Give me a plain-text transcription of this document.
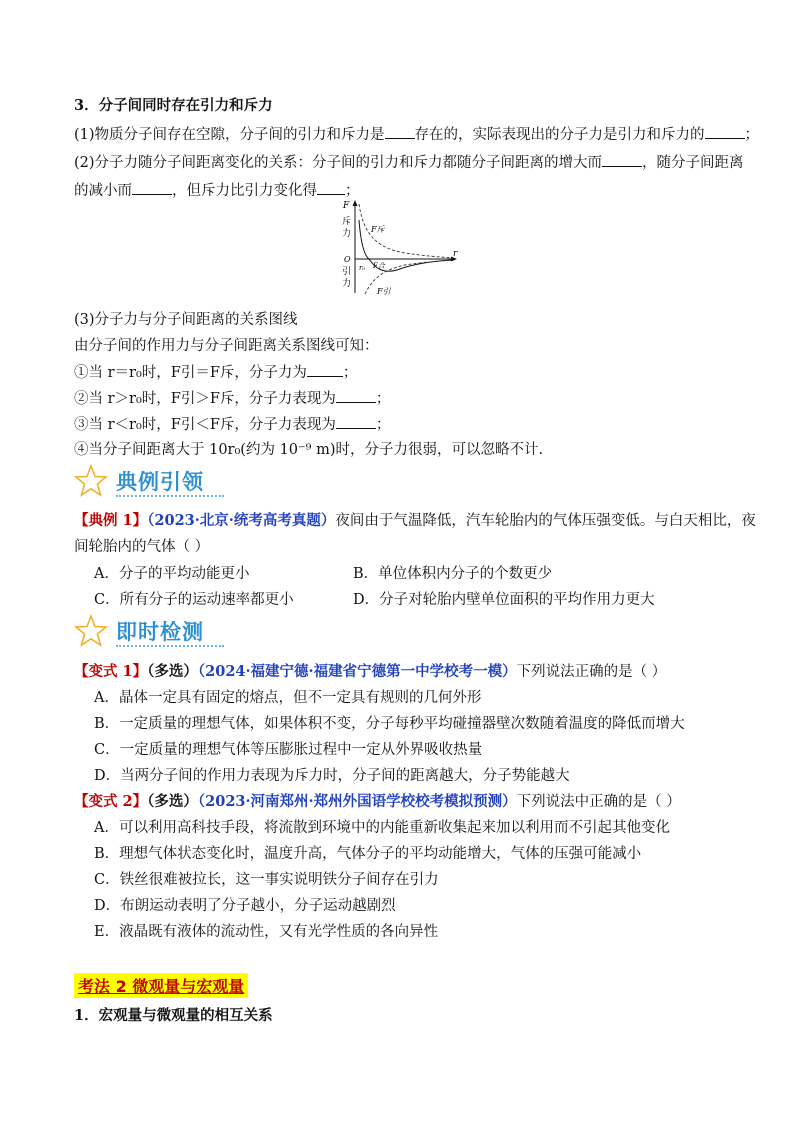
3．分子间同时存在引力和斥力
(1)物质分子间存在空隙，分子间的引力和斥力是 存在的，实际表现出的分子力是引力和斥力的	；
(2)分子力随分子间距离变化的关系：分子间的引力和斥力都随分子间距离的增大而	，随分子间距离
的减小而	，但斥力比引力变化得 ；
F
斥
力 F斥
r
O
r₀ F合
引
力
F引
(3)分子力与分子间距离的关系图线
由分子间的作用力与分子间距离关系图线可知：
①当 r＝r₀时，F引＝F斥，分子力为 ；
②当 r＞r₀时，F引＞F斥，分子力表现为	；
③当 r＜r₀时，F引＜F斥，分子力表现为	；
④当分子间距离大于 10r₀(约为 10⁻⁹ m)时，分子力很弱，可以忽略不计.
典例引领
【典例 1】（2023·北京·统考高考真题）夜间由于气温降低，汽车轮胎内的气体压强变低。与白天相比，夜
间轮胎内的气体（ ）
A．分子的平均动能更小	B．单位体积内分子的个数更少
C．所有分子的运动速率都更小	D．分子对轮胎内壁单位面积的平均作用力更大
即时检测
【变式 1】（多选）（2024·福建宁德·福建省宁德第一中学校考一模）下列说法正确的是（ ）
A．晶体一定具有固定的熔点，但不一定具有规则的几何外形
B．一定质量的理想气体，如果体积不变，分子每秒平均碰撞器壁次数随着温度的降低而增大
C．一定质量的理想气体等压膨胀过程中一定从外界吸收热量
D．当两分子间的作用力表现为斥力时，分子间的距离越大，分子势能越大
【变式 2】（多选）（2023·河南郑州·郑州外国语学校校考模拟预测）下列说法中正确的是（ ）
A．可以利用高科技手段，将流散到环境中的内能重新收集起来加以利用而不引起其他变化
B．理想气体状态变化时，温度升高，气体分子的平均动能增大，气体的压强可能减小
C．铁丝很难被拉长，这一事实说明铁分子间存在引力
D．布朗运动表明了分子越小，分子运动越剧烈
E．液晶既有液体的流动性，又有光学性质的各向异性
考法 2 微观量与宏观量
1．宏观量与微观量的相互关系
